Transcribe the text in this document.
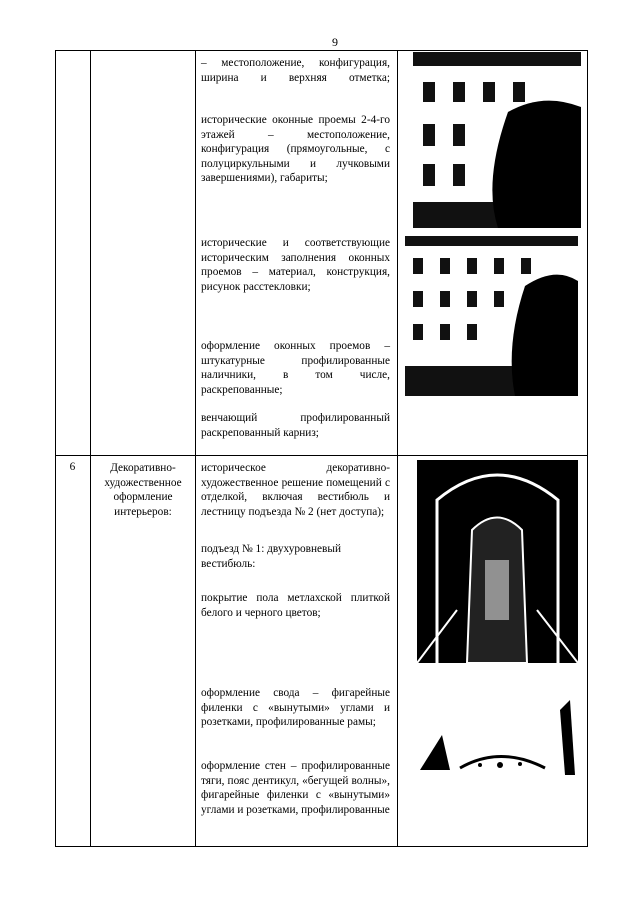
9
– местоположение, конфигурация, ширина и верхняя отметка;
исторические оконные проемы 2-4-го этажей – местоположение, конфигурация (прямоугольные, с полуциркульными и лучковыми завершениями), габариты;
исторические и соответствующие историческим заполнения оконных проемов – материал, конструкция, рисунок расстекловки;
оформление оконных проемов – штукатурные профилированные наличники, в том числе, раскрепованные;
венчающий профилированный раскрепованный карниз;
6	Декоративно-художественное оформление интерьеров:
историческое декоративно-художественное решение помещений с отделкой, включая вестибюль и лестницу подъезда № 2 (нет доступа);
подъезд № 1: двухуровневый вестибюль:
покрытие пола метлахской плиткой белого и черного цветов;
оформление свода – фигарейные филенки с «вынутыми» углами и розетками, профилированные рамы;
оформление стен – профилированные тяги, пояс дентикул, «бегущей волны», фигарейные филенки с «вынутыми» углами и розетками, профилированные
